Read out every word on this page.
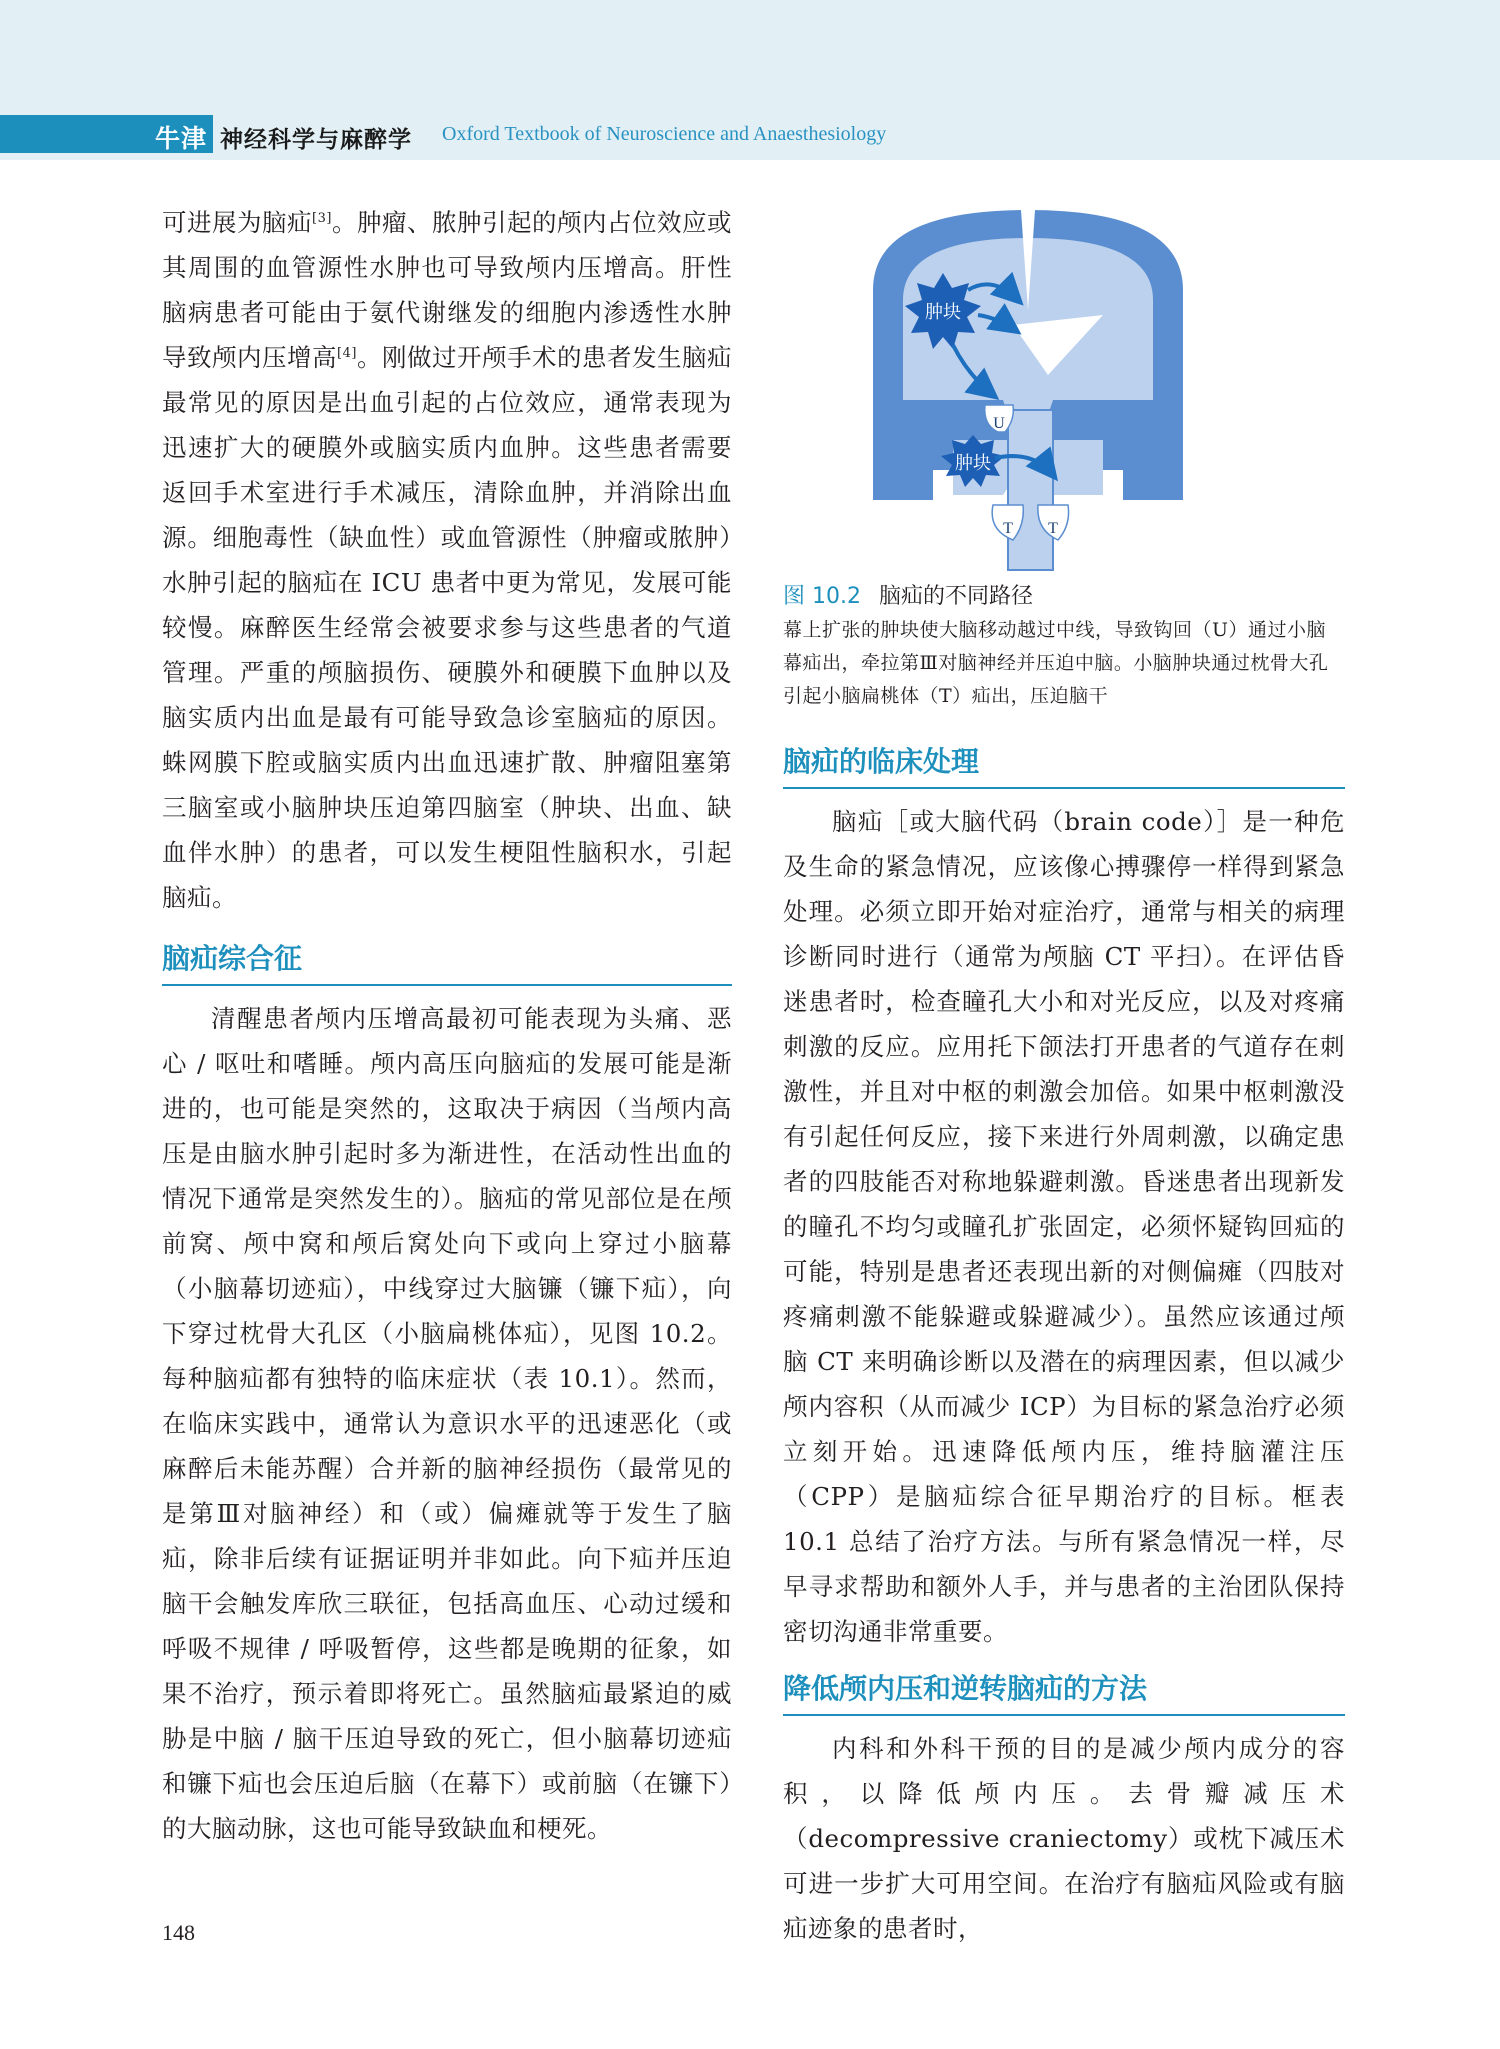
牛津 神经科学与麻醉学 Oxford Textbook of Neuroscience and Anaesthesiology

可进展为脑疝[3]。肿瘤、脓肿引起的颅内占位效应或其周围的血管源性水肿也可导致颅内压增高。肝性脑病患者可能由于氨代谢继发的细胞内渗透性水肿导致颅内压增高[4]。刚做过开颅手术的患者发生脑疝最常见的原因是出血引起的占位效应，通常表现为迅速扩大的硬膜外或脑实质内血肿。这些患者需要返回手术室进行手术减压，清除血肿，并消除出血源。细胞毒性（缺血性）或血管源性（肿瘤或脓肿）水肿引起的脑疝在 ICU 患者中更为常见，发展可能较慢。麻醉医生经常会被要求参与这些患者的气道管理。严重的颅脑损伤、硬膜外和硬膜下血肿以及脑实质内出血是最有可能导致急诊室脑疝的原因。蛛网膜下腔或脑实质内出血迅速扩散、肿瘤阻塞第三脑室或小脑肿块压迫第四脑室（肿块、出血、缺血伴水肿）的患者，可以发生梗阻性脑积水，引起脑疝。

脑疝综合征

清醒患者颅内压增高最初可能表现为头痛、恶心 / 呕吐和嗜睡。颅内高压向脑疝的发展可能是渐进的，也可能是突然的，这取决于病因（当颅内高压是由脑水肿引起时多为渐进性，在活动性出血的情况下通常是突然发生的）。脑疝的常见部位是在颅前窝、颅中窝和颅后窝处向下或向上穿过小脑幕（小脑幕切迹疝），中线穿过大脑镰（镰下疝），向下穿过枕骨大孔区（小脑扁桃体疝），见图 10.2。每种脑疝都有独特的临床症状（表 10.1）。然而，在临床实践中，通常认为意识水平的迅速恶化（或麻醉后未能苏醒）合并新的脑神经损伤（最常见的是第Ⅲ对脑神经）和（或）偏瘫就等于发生了脑疝，除非后续有证据证明并非如此。向下疝并压迫脑干会触发库欣三联征，包括高血压、心动过缓和呼吸不规律 / 呼吸暂停，这些都是晚期的征象，如果不治疗，预示着即将死亡。虽然脑疝最紧迫的威胁是中脑 / 脑干压迫导致的死亡，但小脑幕切迹疝和镰下疝也会压迫后脑（在幕下）或前脑（在镰下）的大脑动脉，这也可能导致缺血和梗死。

肿块
肿块
U
T T

图 10.2 脑疝的不同路径

幕上扩张的肿块使大脑移动越过中线，导致钩回（U）通过小脑幕疝出，牵拉第Ⅲ对脑神经并压迫中脑。小脑肿块通过枕骨大孔引起小脑扁桃体（T）疝出，压迫脑干

脑疝的临床处理

脑疝［或大脑代码（brain code）］是一种危及生命的紧急情况，应该像心搏骤停一样得到紧急处理。必须立即开始对症治疗，通常与相关的病理诊断同时进行（通常为颅脑 CT 平扫）。在评估昏迷患者时，检查瞳孔大小和对光反应，以及对疼痛刺激的反应。应用托下颌法打开患者的气道存在刺激性，并且对中枢的刺激会加倍。如果中枢刺激没有引起任何反应，接下来进行外周刺激，以确定患者的四肢能否对称地躲避刺激。昏迷患者出现新发的瞳孔不均匀或瞳孔扩张固定，必须怀疑钩回疝的可能，特别是患者还表现出新的对侧偏瘫（四肢对疼痛刺激不能躲避或躲避减少）。虽然应该通过颅脑 CT 来明确诊断以及潜在的病理因素，但以减少颅内容积（从而减少 ICP）为目标的紧急治疗必须立刻开始。迅速降低颅内压，维持脑灌注压（CPP）是脑疝综合征早期治疗的目标。框表 10.1 总结了治疗方法。与所有紧急情况一样，尽早寻求帮助和额外人手，并与患者的主治团队保持密切沟通非常重要。

降低颅内压和逆转脑疝的方法

内科和外科干预的目的是减少颅内成分的容积，以降低颅内压。去骨瓣减压术（decompressive craniectomy）或枕下减压术可进一步扩大可用空间。在治疗有脑疝风险或有脑疝迹象的患者时，

148
